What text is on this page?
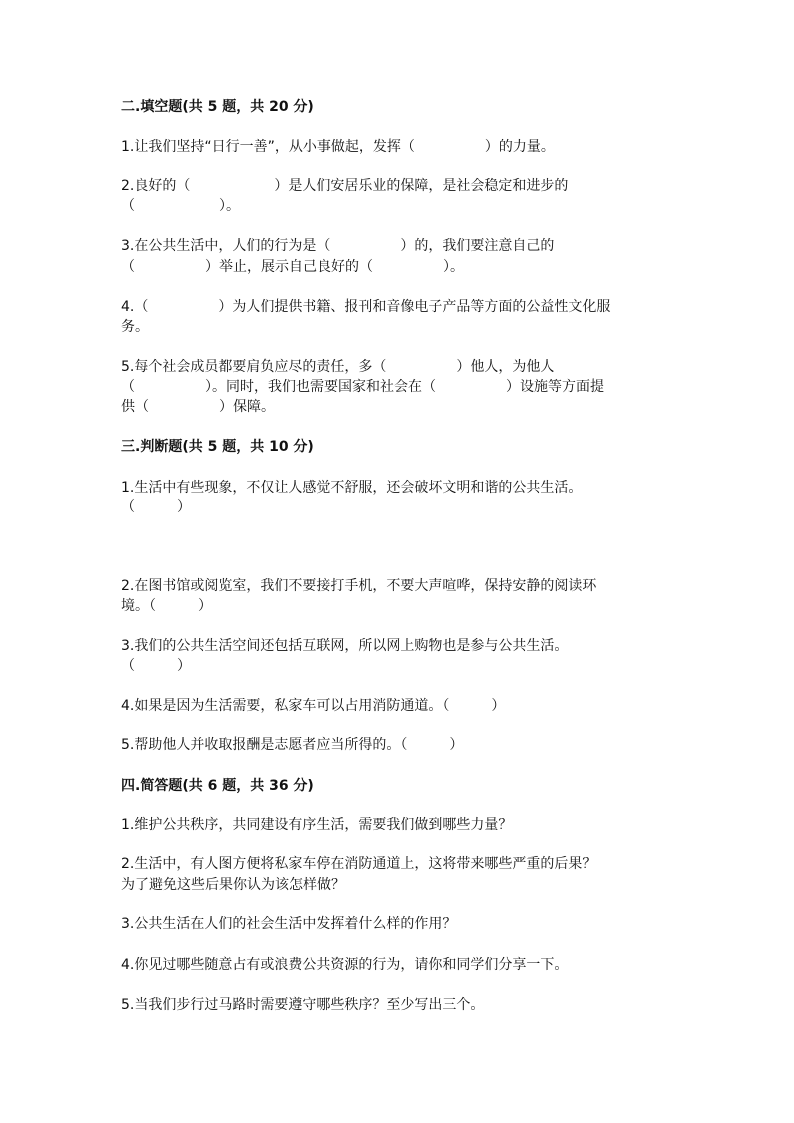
二.填空题(共 5 题，共 20 分)
1.让我们坚持“日行一善”，从小事做起，发挥（　　　　　）的力量。
2.良好的（　　　　　　）是人们安居乐业的保障，是社会稳定和进步的
（　　　　　　）。
3.在公共生活中，人们的行为是（　　　　　）的，我们要注意自己的
（　　　　　）举止，展示自己良好的（　　　　　）。
4.（　　　　　）为人们提供书籍、报刊和音像电子产品等方面的公益性文化服
务。
5.每个社会成员都要肩负应尽的责任，多（　　　　　）他人，为他人
（　　　　　）。同时，我们也需要国家和社会在（　　　　　）设施等方面提
供（　　　　　）保障。
三.判断题(共 5 题，共 10 分)
1.生活中有些现象，不仅让人感觉不舒服，还会破坏文明和谐的公共生活。
（　　　）
2.在图书馆或阅览室，我们不要接打手机，不要大声喧哗，保持安静的阅读环
境。（　　　）
3.我们的公共生活空间还包括互联网，所以网上购物也是参与公共生活。
（　　　）
4.如果是因为生活需要，私家车可以占用消防通道。（　　　）
5.帮助他人并收取报酬是志愿者应当所得的。（　　　）
四.简答题(共 6 题，共 36 分)
1.维护公共秩序，共同建设有序生活，需要我们做到哪些力量？
2.生活中，有人图方便将私家车停在消防通道上，这将带来哪些严重的后果？
为了避免这些后果你认为该怎样做？
3.公共生活在人们的社会生活中发挥着什么样的作用？
4.你见过哪些随意占有或浪费公共资源的行为，请你和同学们分享一下。
5.当我们步行过马路时需要遵守哪些秩序？至少写出三个。
